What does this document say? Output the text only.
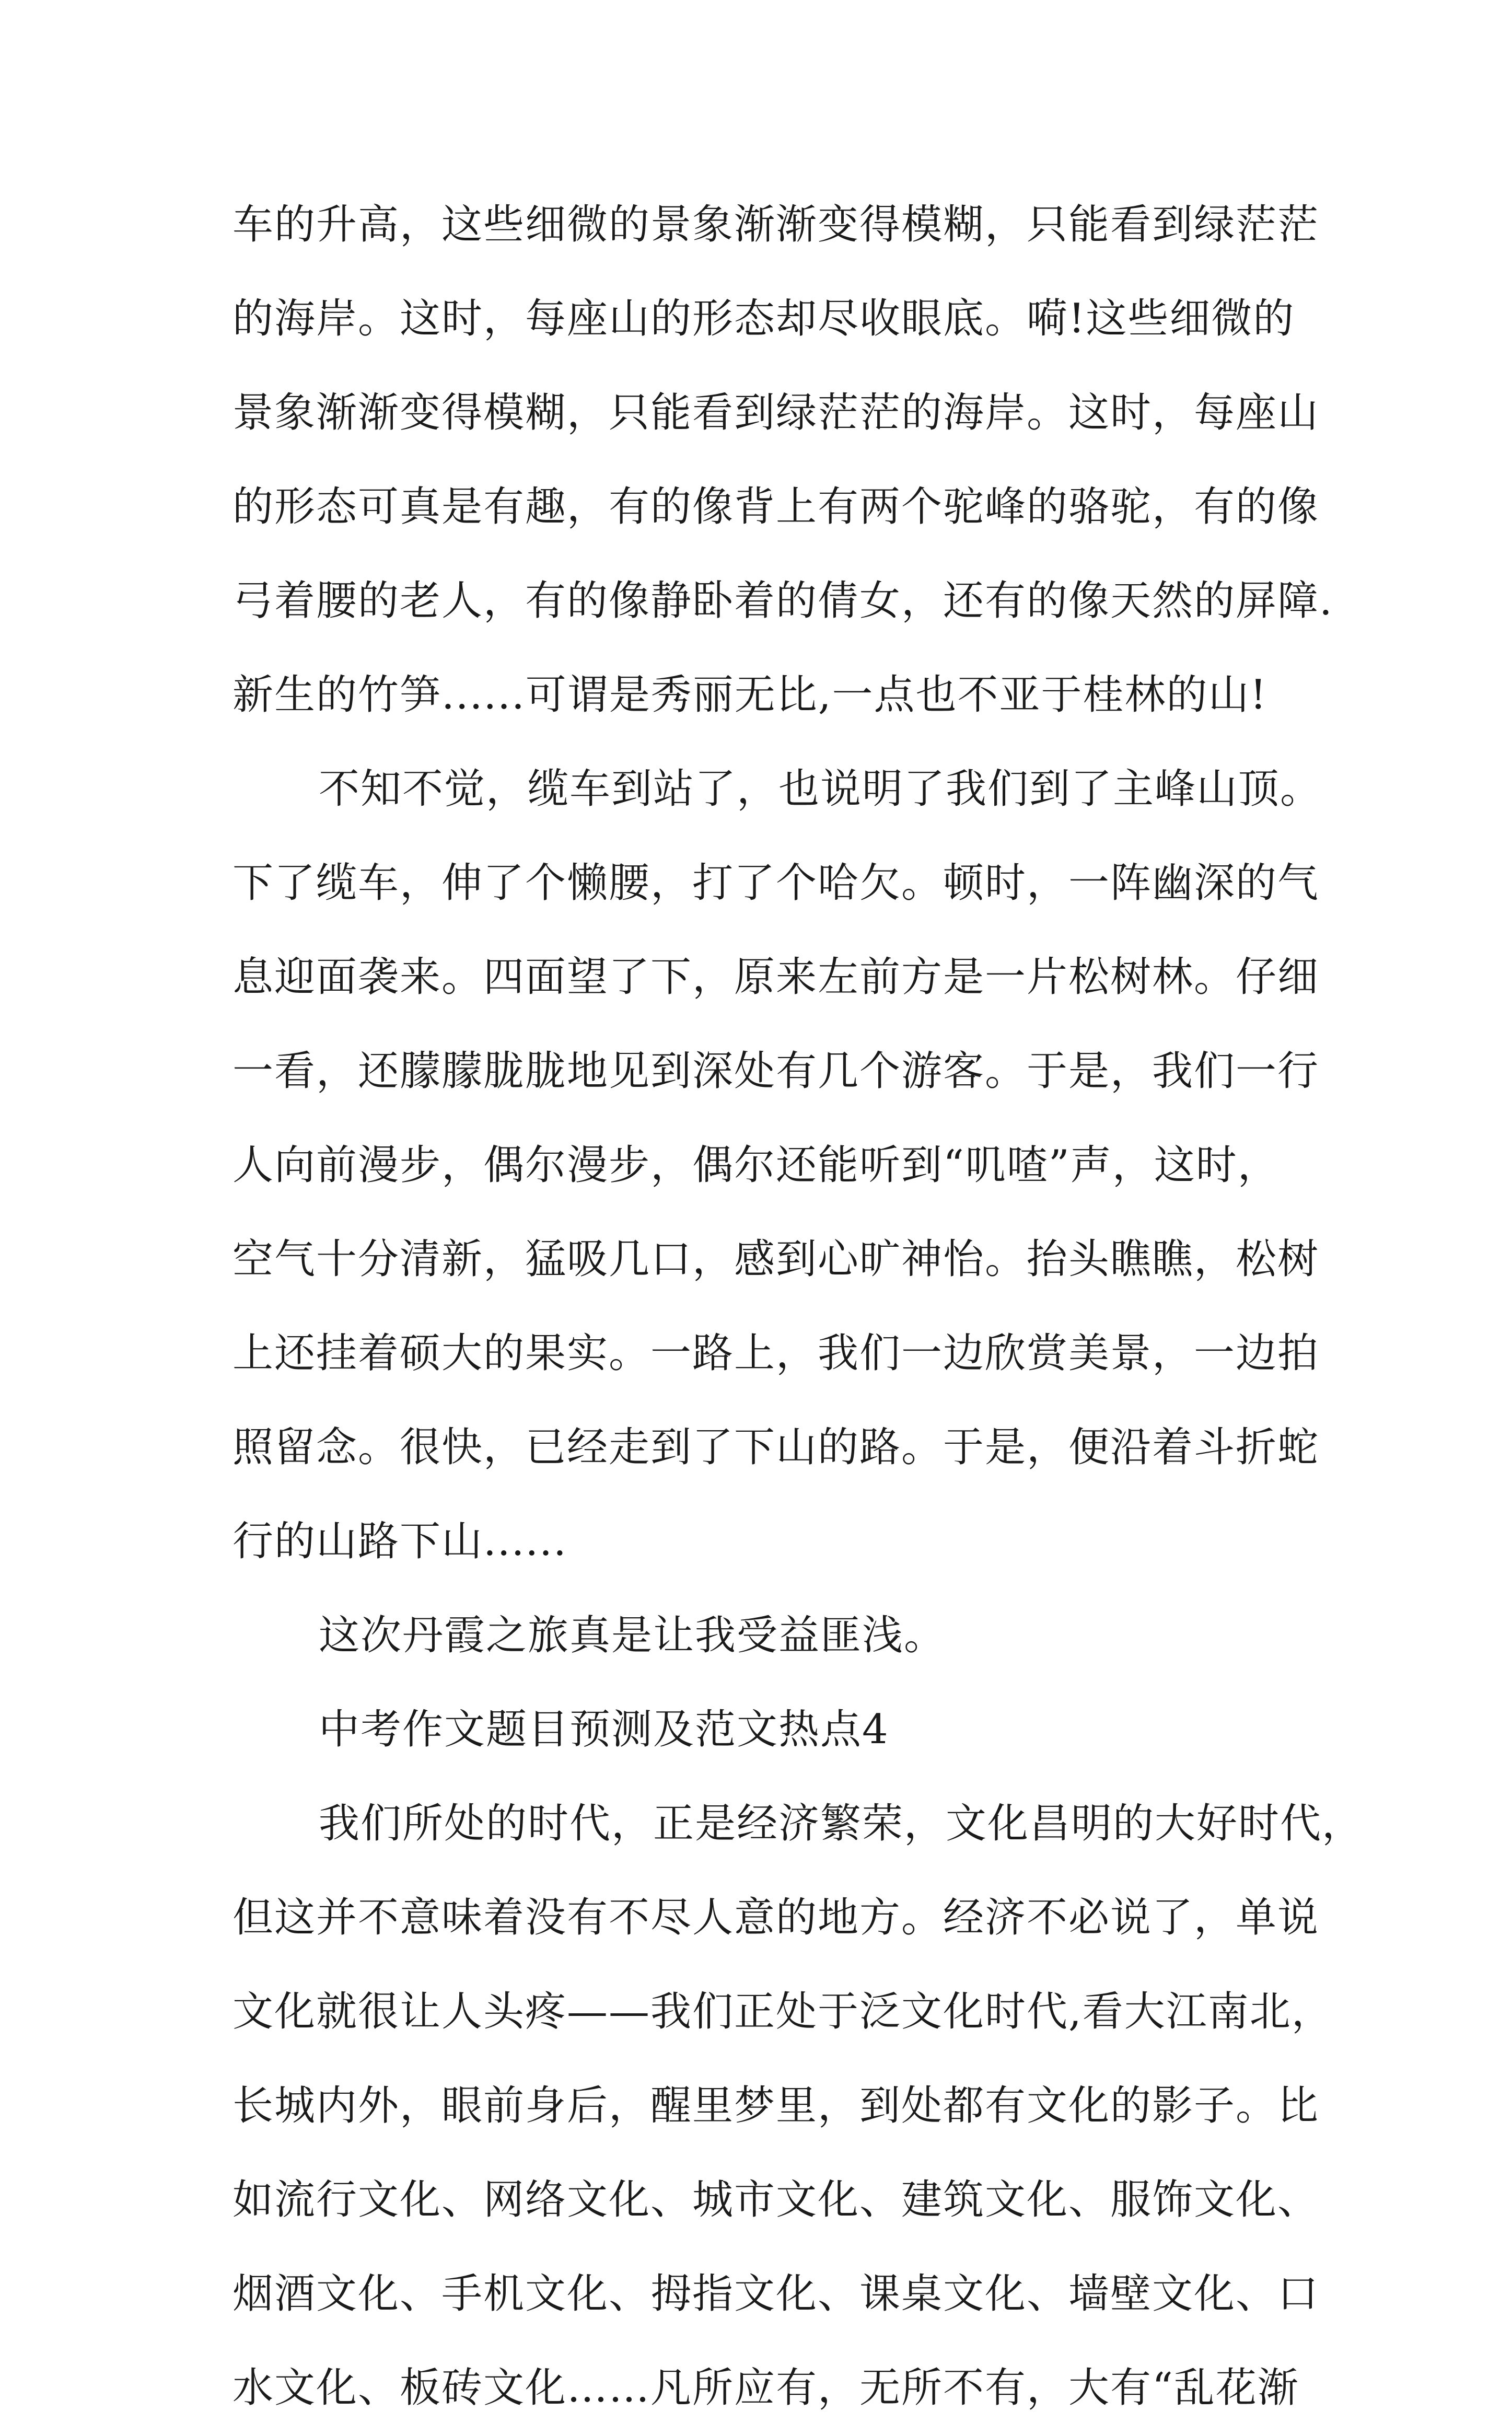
车的升高，这些细微的景象渐渐变得模糊，只能看到绿茫茫
的海岸。这时，每座山的形态却尽收眼底。嗬!这些细微的
景象渐渐变得模糊，只能看到绿茫茫的海岸。这时，每座山
的形态可真是有趣，有的像背上有两个驼峰的骆驼，有的像
弓着腰的老人，有的像静卧着的倩女，还有的像天然的屏障.
新生的竹笋......可谓是秀丽无比,一点也不亚于桂林的山!
不知不觉，缆车到站了，也说明了我们到了主峰山顶。
下了缆车，伸了个懒腰，打了个哈欠。顿时，一阵幽深的气
息迎面袭来。四面望了下，原来左前方是一片松树林。仔细
一看，还朦朦胧胧地见到深处有几个游客。于是，我们一行
人向前漫步，偶尔漫步，偶尔还能听到“叽喳”声，这时，
空气十分清新，猛吸几口，感到心旷神怡。抬头瞧瞧，松树
上还挂着硕大的果实。一路上，我们一边欣赏美景，一边拍
照留念。很快，已经走到了下山的路。于是，便沿着斗折蛇
行的山路下山......
这次丹霞之旅真是让我受益匪浅。
中考作文题目预测及范文热点4
我们所处的时代，正是经济繁荣，文化昌明的大好时代，
但这并不意味着没有不尽人意的地方。经济不必说了，单说
文化就很让人头疼——我们正处于泛文化时代,看大江南北，
长城内外，眼前身后，醒里梦里，到处都有文化的影子。比
如流行文化、网络文化、城市文化、建筑文化、服饰文化、
烟酒文化、手机文化、拇指文化、课桌文化、墙壁文化、口
水文化、板砖文化……凡所应有，无所不有，大有“乱花渐
